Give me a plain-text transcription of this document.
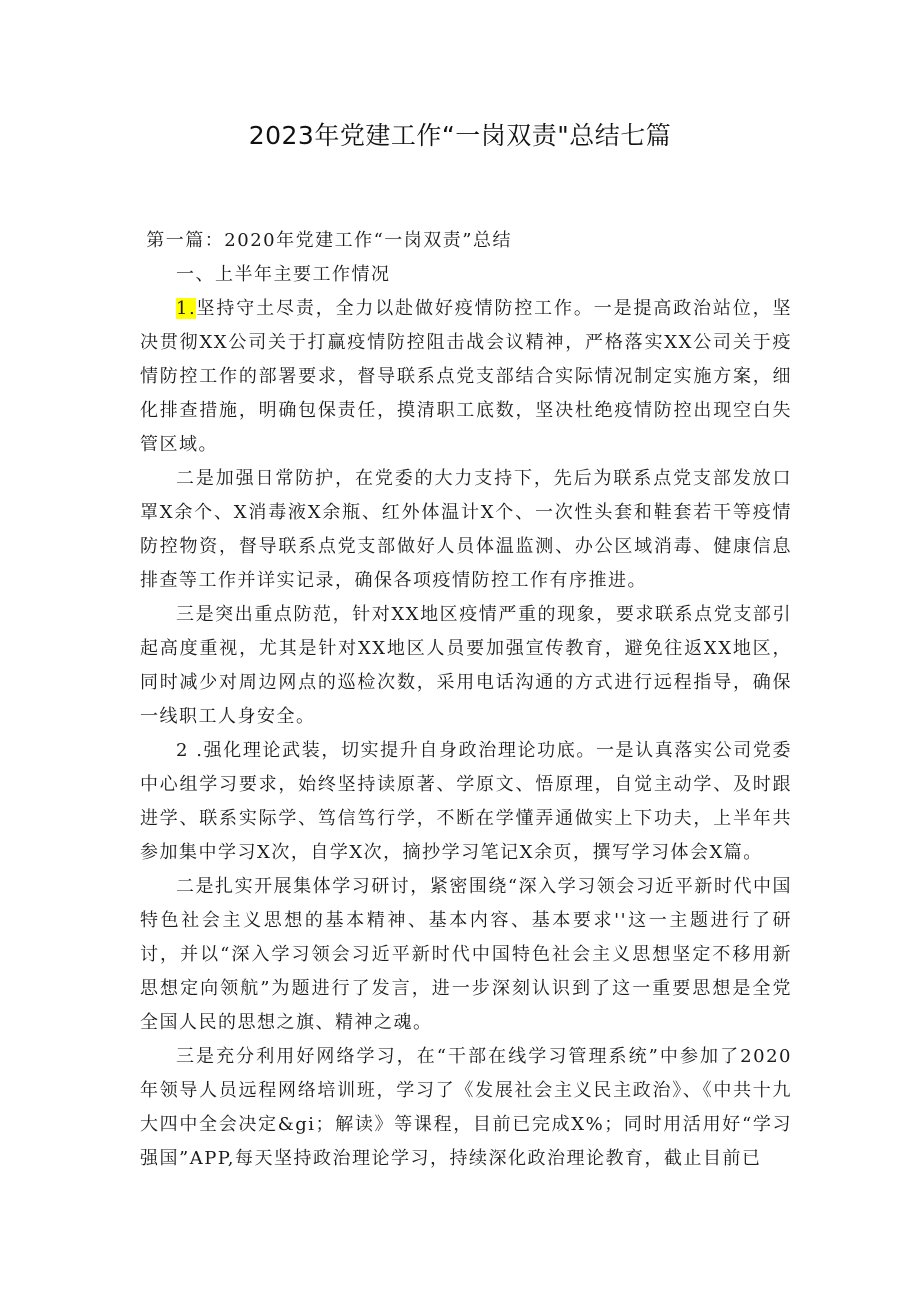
2023年党建工作“一岗双责"总结七篇

第一篇：2020年党建工作“一岗双责”总结

一、上半年主要工作情况

1.坚持守土尽责，全力以赴做好疫情防控工作。一是提高政治站位，坚决贯彻XX公司关于打赢疫情防控阻击战会议精神，严格落实XX公司关于疫情防控工作的部署要求，督导联系点党支部结合实际情况制定实施方案，细化排查措施，明确包保责任，摸清职工底数，坚决杜绝疫情防控出现空白失管区域。

二是加强日常防护，在党委的大力支持下，先后为联系点党支部发放口罩X余个、X消毒液X余瓶、红外体温计X个、一次性头套和鞋套若干等疫情防控物资，督导联系点党支部做好人员体温监测、办公区域消毒、健康信息排查等工作并详实记录，确保各项疫情防控工作有序推进。

三是突出重点防范，针对XX地区疫情严重的现象，要求联系点党支部引起高度重视，尤其是针对XX地区人员要加强宣传教育，避免往返XX地区，同时减少对周边网点的巡检次数，采用电话沟通的方式进行远程指导，确保一线职工人身安全。

2 .强化理论武装，切实提升自身政治理论功底。一是认真落实公司党委中心组学习要求，始终坚持读原著、学原文、悟原理，自觉主动学、及时跟进学、联系实际学、笃信笃行学，不断在学懂弄通做实上下功夫，上半年共参加集中学习X次，自学X次，摘抄学习笔记X余页，撰写学习体会X篇。

二是扎实开展集体学习研讨，紧密围绕“深入学习领会习近平新时代中国特色社会主义思想的基本精神、基本内容、基本要求''这一主题进行了研讨，并以“深入学习领会习近平新时代中国特色社会主义思想坚定不移用新思想定向领航”为题进行了发言，进一步深刻认识到了这一重要思想是全党全国人民的思想之旗、精神之魂。

三是充分利用好网络学习，在“干部在线学习管理系统”中参加了2020年领导人员远程网络培训班，学习了《发展社会主义民主政治》、《中共十九大四中全会决定&gi；解读》等课程，目前已完成X%；同时用活用好“学习强国”APP,每天坚持政治理论学习，持续深化政治理论教育，截止目前已
